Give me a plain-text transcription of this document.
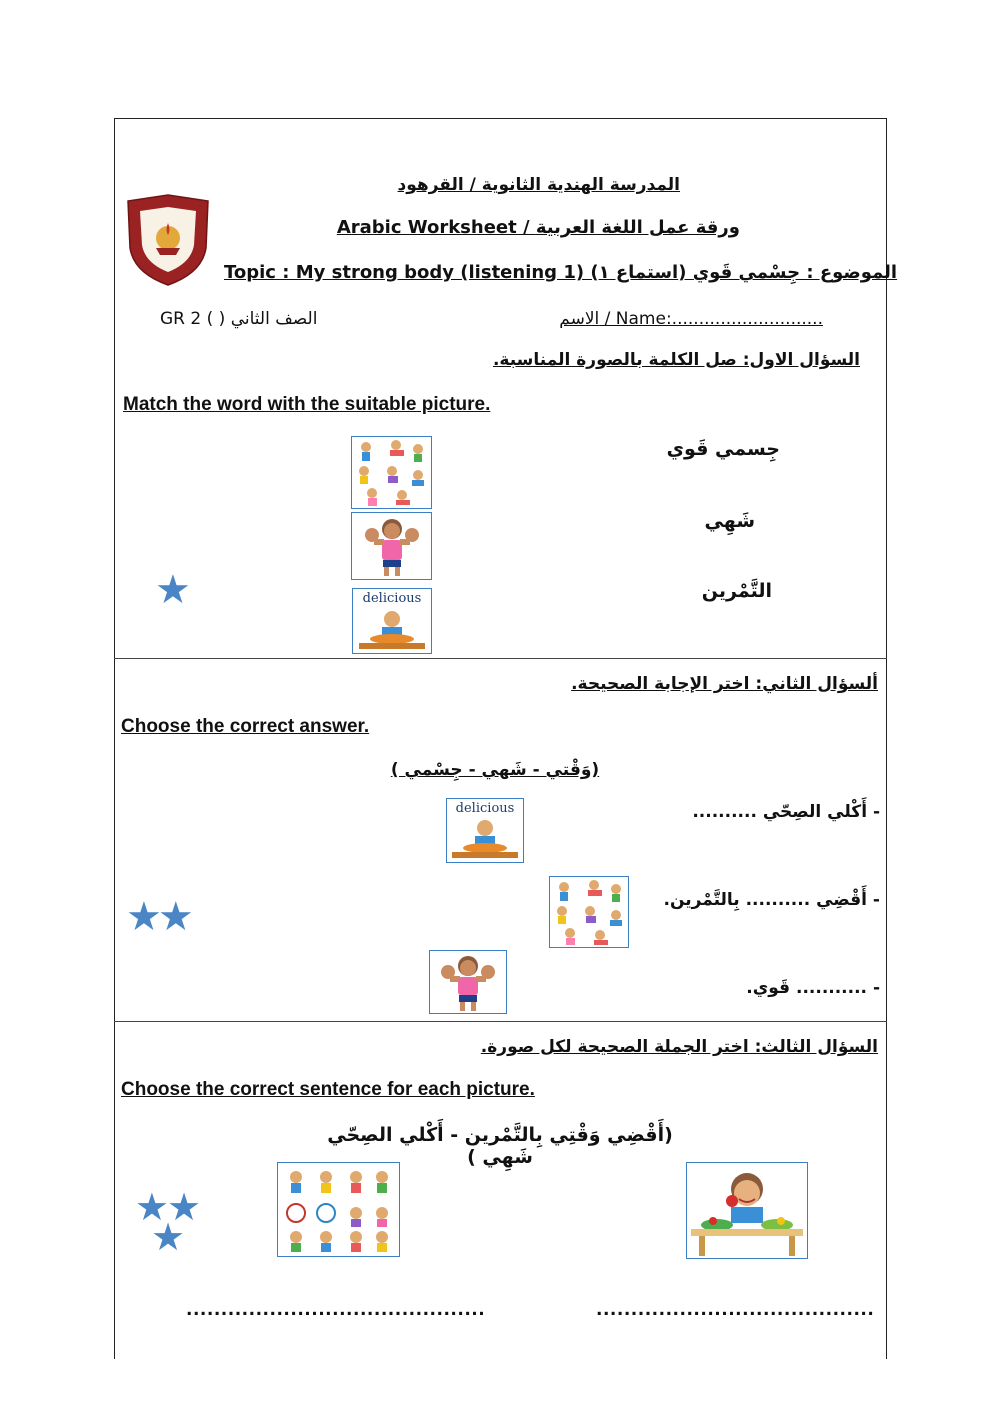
المدرسة الهندية الثانوية / القرهود
Arabic Worksheet / ورقة عمل اللغة العربية
Topic : My strong body (listening 1) (استماع ١) الموضوع : جِسْمي قَوي
الاسم / Name:............................
GR 2 ( ) الصف الثاني
السؤال الاول: صل الكلمة بالصورة المناسبة.
Match the word with the suitable picture.
جِسمي قَوي
شَهِي
التَّمْرين
delicious
★
ألسؤال الثاني: اختر الإجابة الصحيحة.
Choose the correct answer.
(وَقْتي - شَهي - جِسْمي )
- أَكْلي الصِحّي ..........
- أَقْضِي .......... بِالتَّمْرين.
- ........... قَوي.
delicious
★★
السؤال الثالث: اختر الجملة الصحيحة لكل صورة.
Choose the correct sentence for each picture.
(أَقْضِي وَقْتِي بِالتَّمْرين - أَكْلي الصِحّي شَهِي )
★★★
...........................................	........................................
